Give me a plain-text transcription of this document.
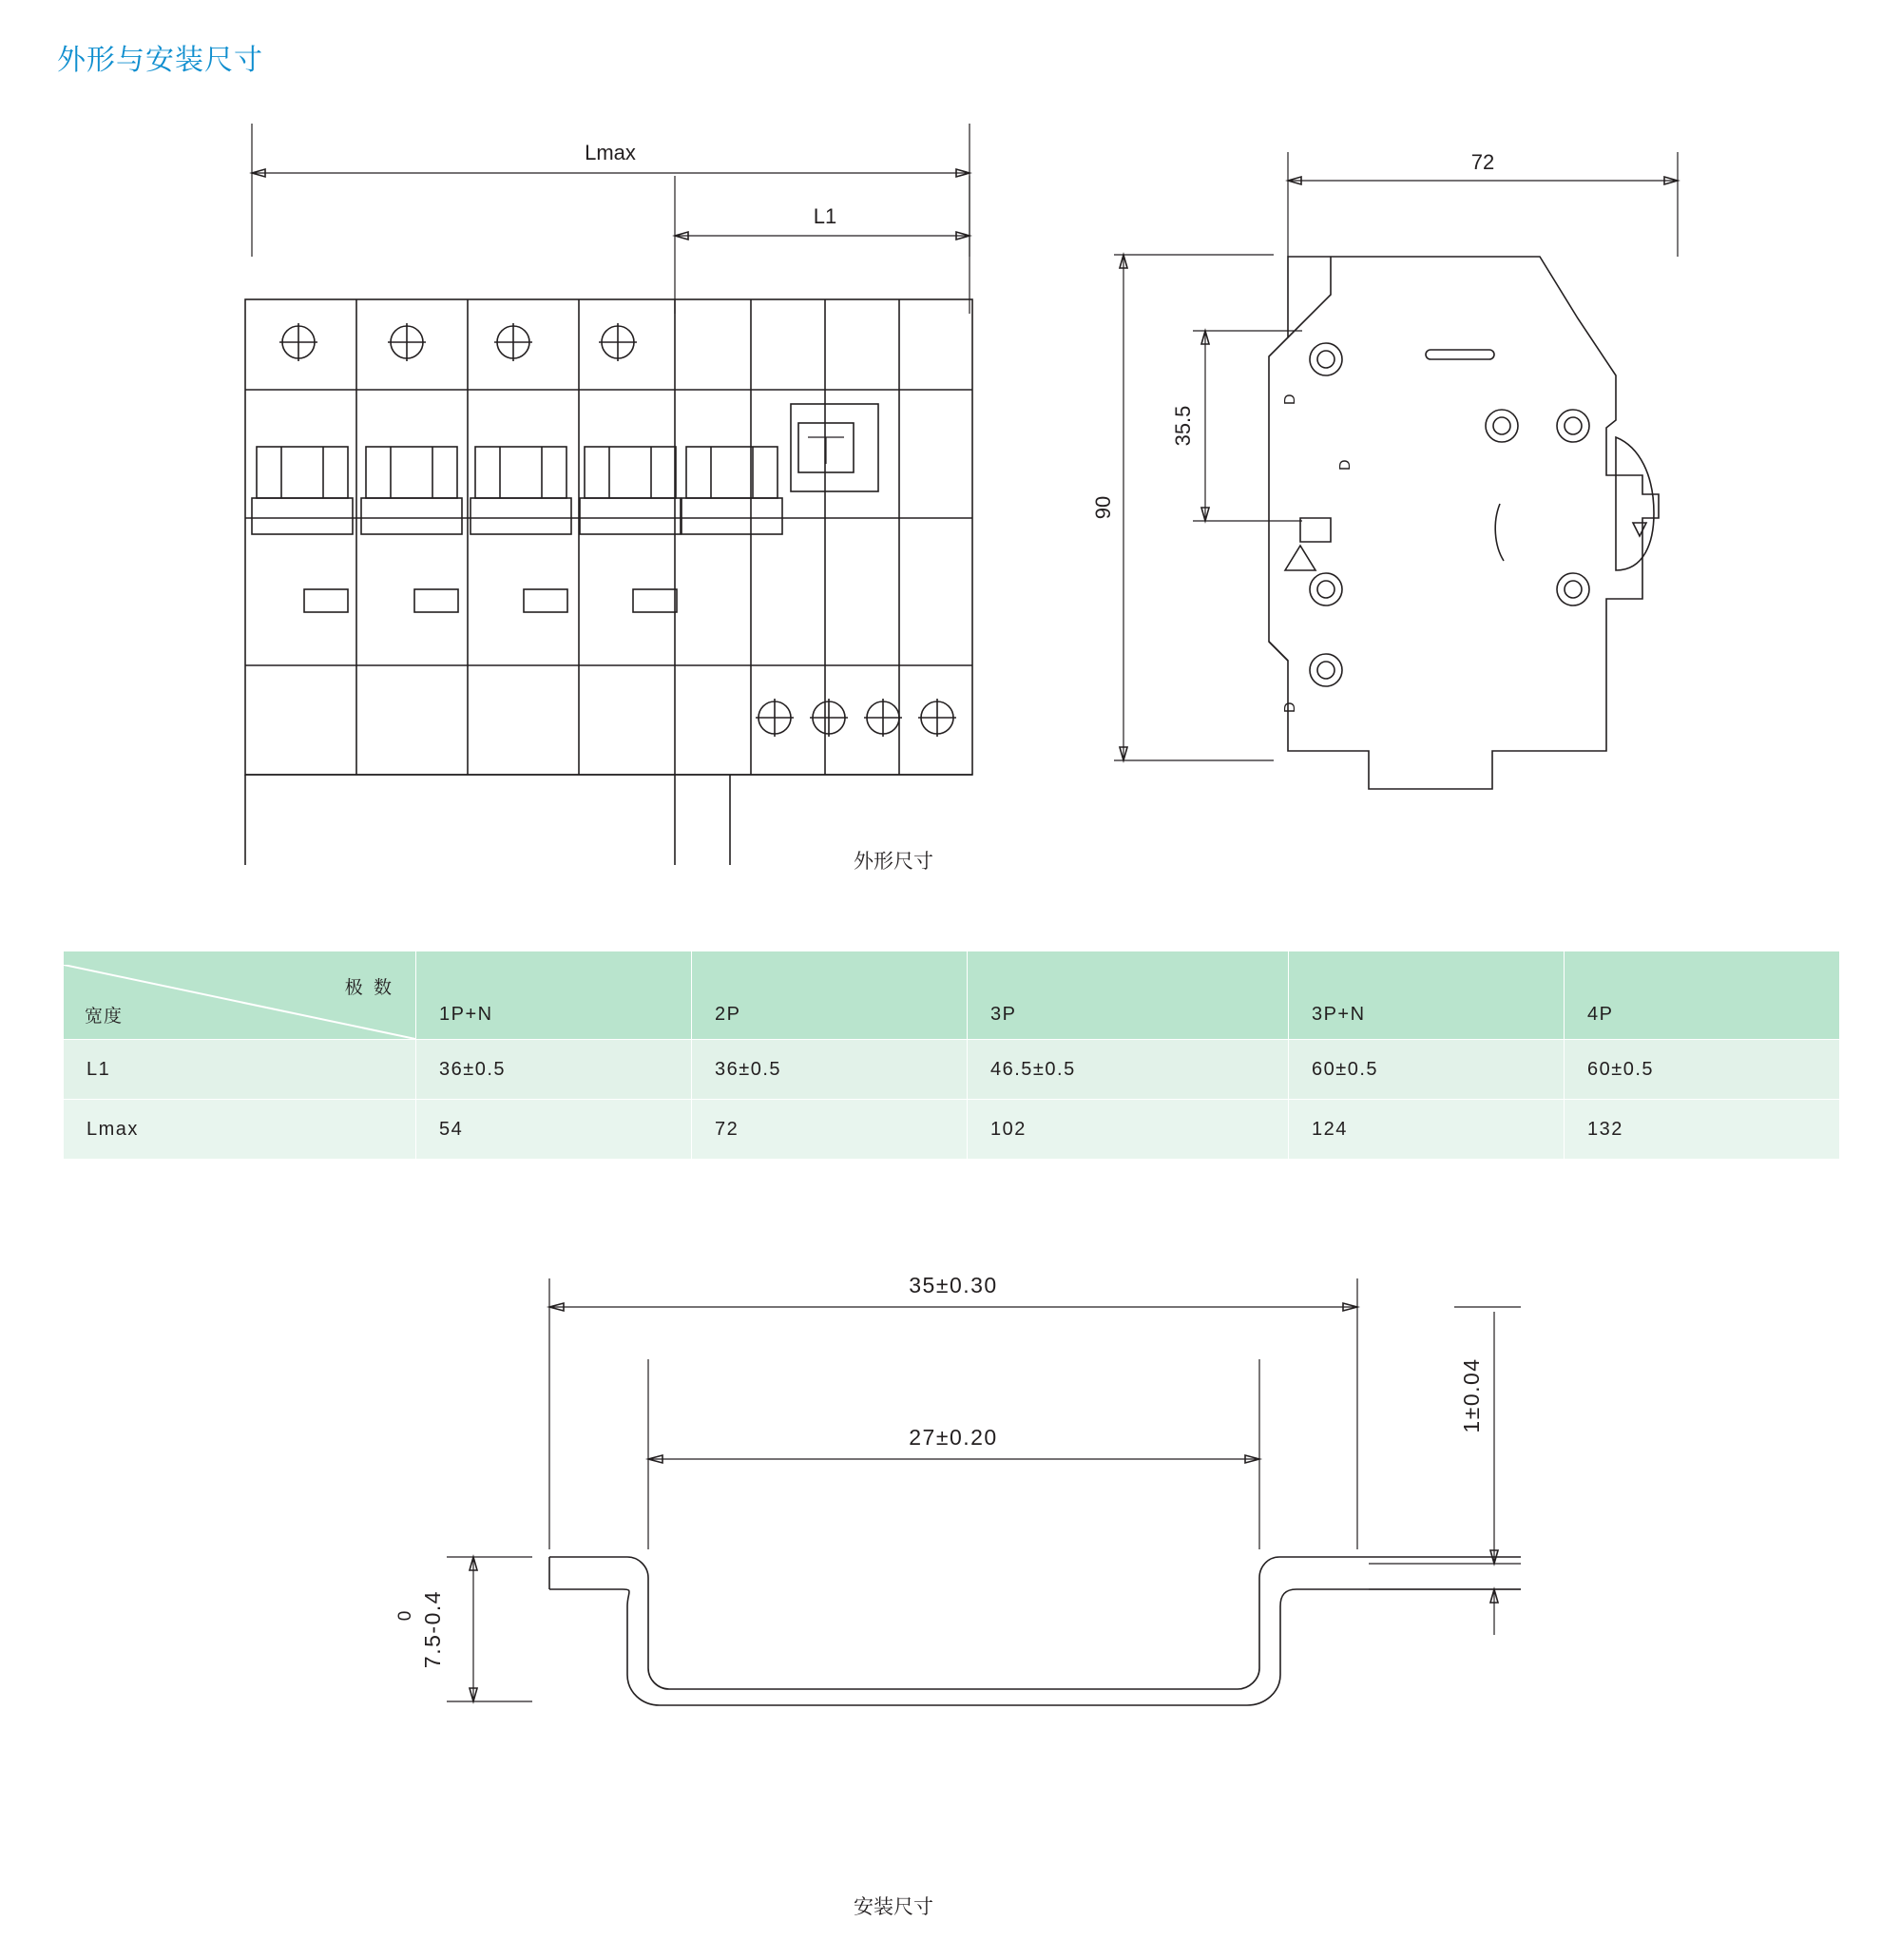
外形与安装尺寸
Lmax
L1
72
90
35.5
D
D
D
外形尺寸
极 数
宽度	1P+N	2P	3P	3P+N	4P
L1	36±0.5	36±0.5	46.5±0.5	60±0.5	60±0.5
Lmax	54	72	102	124	132
35±0.30
27±0.20
1±0.04
7.5-0.4
0
安装尺寸
